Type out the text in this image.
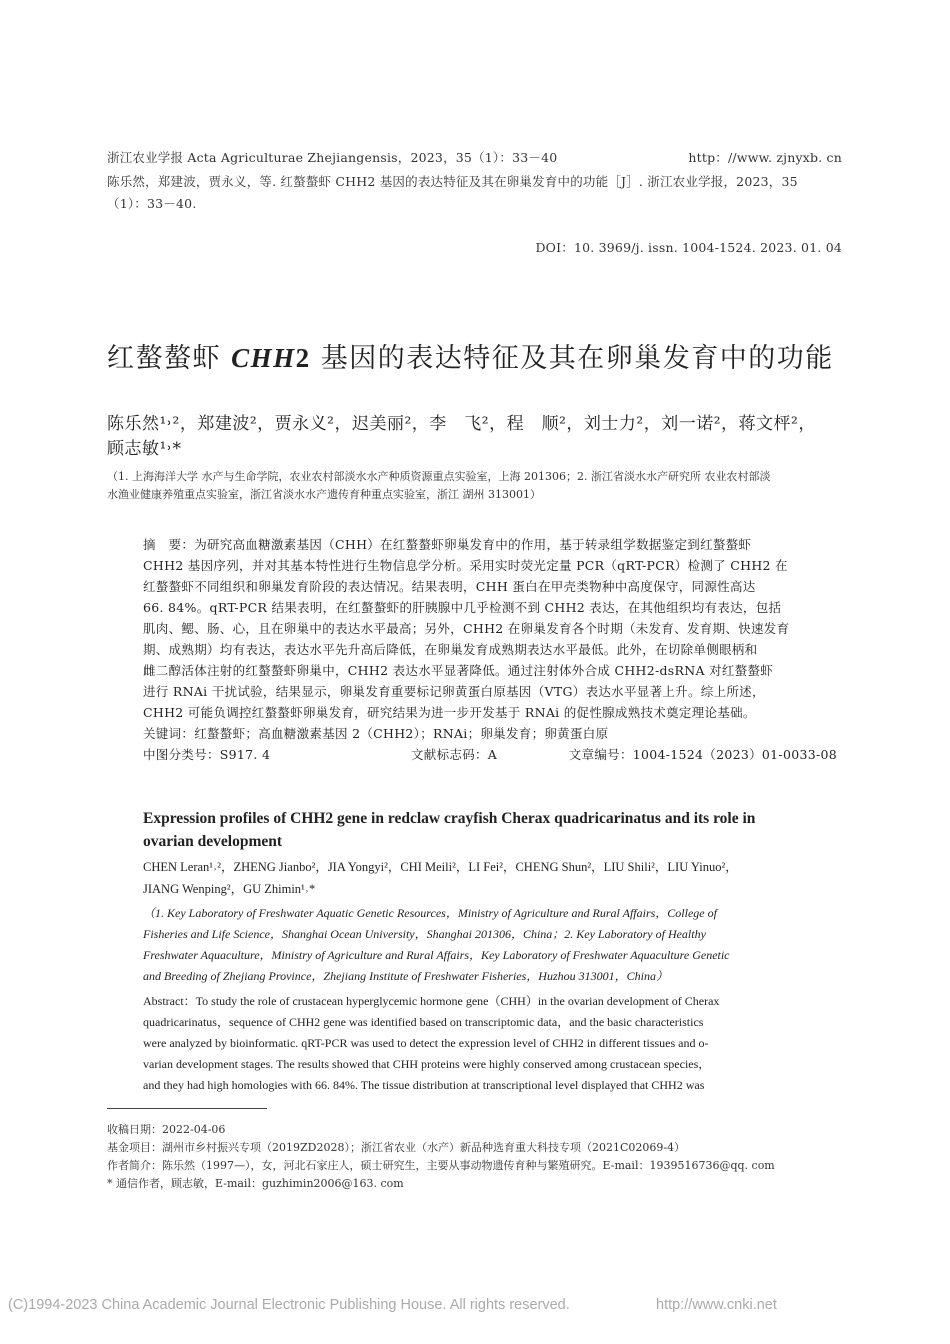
浙江农业学报 Acta Agriculturae Zhejiangensis，2023，35（1）：33－40	http：//www. zjnyxb. cn
陈乐然，郑建波，贾永义，等. 红螯螯虾 CHH2 基因的表达特征及其在卵巢发育中的功能［J］. 浙江农业学报，2023，35
（1）：33－40.
DOI：10. 3969/j. issn. 1004-1524. 2023. 01. 04
红螯螯虾 CHH2 基因的表达特征及其在卵巢发育中的功能
陈乐然¹˒²，郑建波²，贾永义²，迟美丽²，李　飞²，程　顺²，刘士力²，刘一诺²，蒋文枰²，
顾志敏¹˒*
（1. 上海海洋大学 水产与生命学院，农业农村部淡水水产种质资源重点实验室，上海 201306；2. 浙江省淡水水产研究所 农业农村部淡
水渔业健康养殖重点实验室，浙江省淡水水产遗传育种重点实验室，浙江 湖州 313001）
摘　要：为研究高血糖激素基因（CHH）在红螯螯虾卵巢发育中的作用，基于转录组学数据鉴定到红螯螯虾
CHH2 基因序列，并对其基本特性进行生物信息学分析。采用实时荧光定量 PCR（qRT-PCR）检测了 CHH2 在
红螯螯虾不同组织和卵巢发育阶段的表达情况。结果表明，CHH 蛋白在甲壳类物种中高度保守，同源性高达
66. 84%。qRT-PCR 结果表明，在红螯螯虾的肝胰腺中几乎检测不到 CHH2 表达，在其他组织均有表达，包括
肌肉、鳃、肠、心，且在卵巢中的表达水平最高；另外，CHH2 在卵巢发育各个时期（未发育、发育期、快速发育
期、成熟期）均有表达，表达水平先升高后降低，在卵巢发育成熟期表达水平最低。此外，在切除单侧眼柄和
雌二醇活体注射的红螯螯虾卵巢中，CHH2 表达水平显著降低。通过注射体外合成 CHH2-dsRNA 对红螯螯虾
进行 RNAi 干扰试验，结果显示，卵巢发育重要标记卵黄蛋白原基因（VTG）表达水平显著上升。综上所述，
CHH2 可能负调控红螯螯虾卵巢发育，研究结果为进一步开发基于 RNAi 的促性腺成熟技术奠定理论基础。
关键词：红螯螯虾；高血糖激素基因 2（CHH2）；RNAi；卵巢发育；卵黄蛋白原
中图分类号：S917. 4	文献标志码：A	文章编号：1004-1524（2023）01-0033-08
Expression profiles of CHH2 gene in redclaw crayfish Cherax quadricarinatus and its role in
ovarian development
CHEN Leran¹˒²，ZHENG Jianbo²，JIA Yongyi²，CHI Meili²，LI Fei²，CHENG Shun²，LIU Shili²，LIU Yinuo²，
JIANG Wenping²，GU Zhimin¹˒*
（1. Key Laboratory of Freshwater Aquatic Genetic Resources，Ministry of Agriculture and Rural Affairs，College of
Fisheries and Life Science，Shanghai Ocean University，Shanghai 201306，China；2. Key Laboratory of Healthy
Freshwater Aquaculture，Ministry of Agriculture and Rural Affairs，Key Laboratory of Freshwater Aquaculture Genetic
and Breeding of Zhejiang Province，Zhejiang Institute of Freshwater Fisheries，Huzhou 313001，China）
Abstract：To study the role of crustacean hyperglycemic hormone gene（CHH）in the ovarian development of Cherax
quadricarinatus，sequence of CHH2 gene was identified based on transcriptomic data，and the basic characteristics
were analyzed by bioinformatic. qRT-PCR was used to detect the expression level of CHH2 in different tissues and o-
varian development stages. The results showed that CHH proteins were highly conserved among crustacean species，
and they had high homologies with 66. 84%. The tissue distribution at transcriptional level displayed that CHH2 was
收稿日期：2022-04-06
基金项目：湖州市乡村振兴专项（2019ZD2028）；浙江省农业（水产）新品种选育重大科技专项（2021C02069-4）
作者简介：陈乐然（1997—），女，河北石家庄人，硕士研究生，主要从事动物遗传育种与繁殖研究。E-mail：1939516736@qq. com
* 通信作者，顾志敏，E-mail：guzhimin2006@163. com
(C)1994-2023 China Academic Journal Electronic Publishing House. All rights reserved.	http://www.cnki.net
